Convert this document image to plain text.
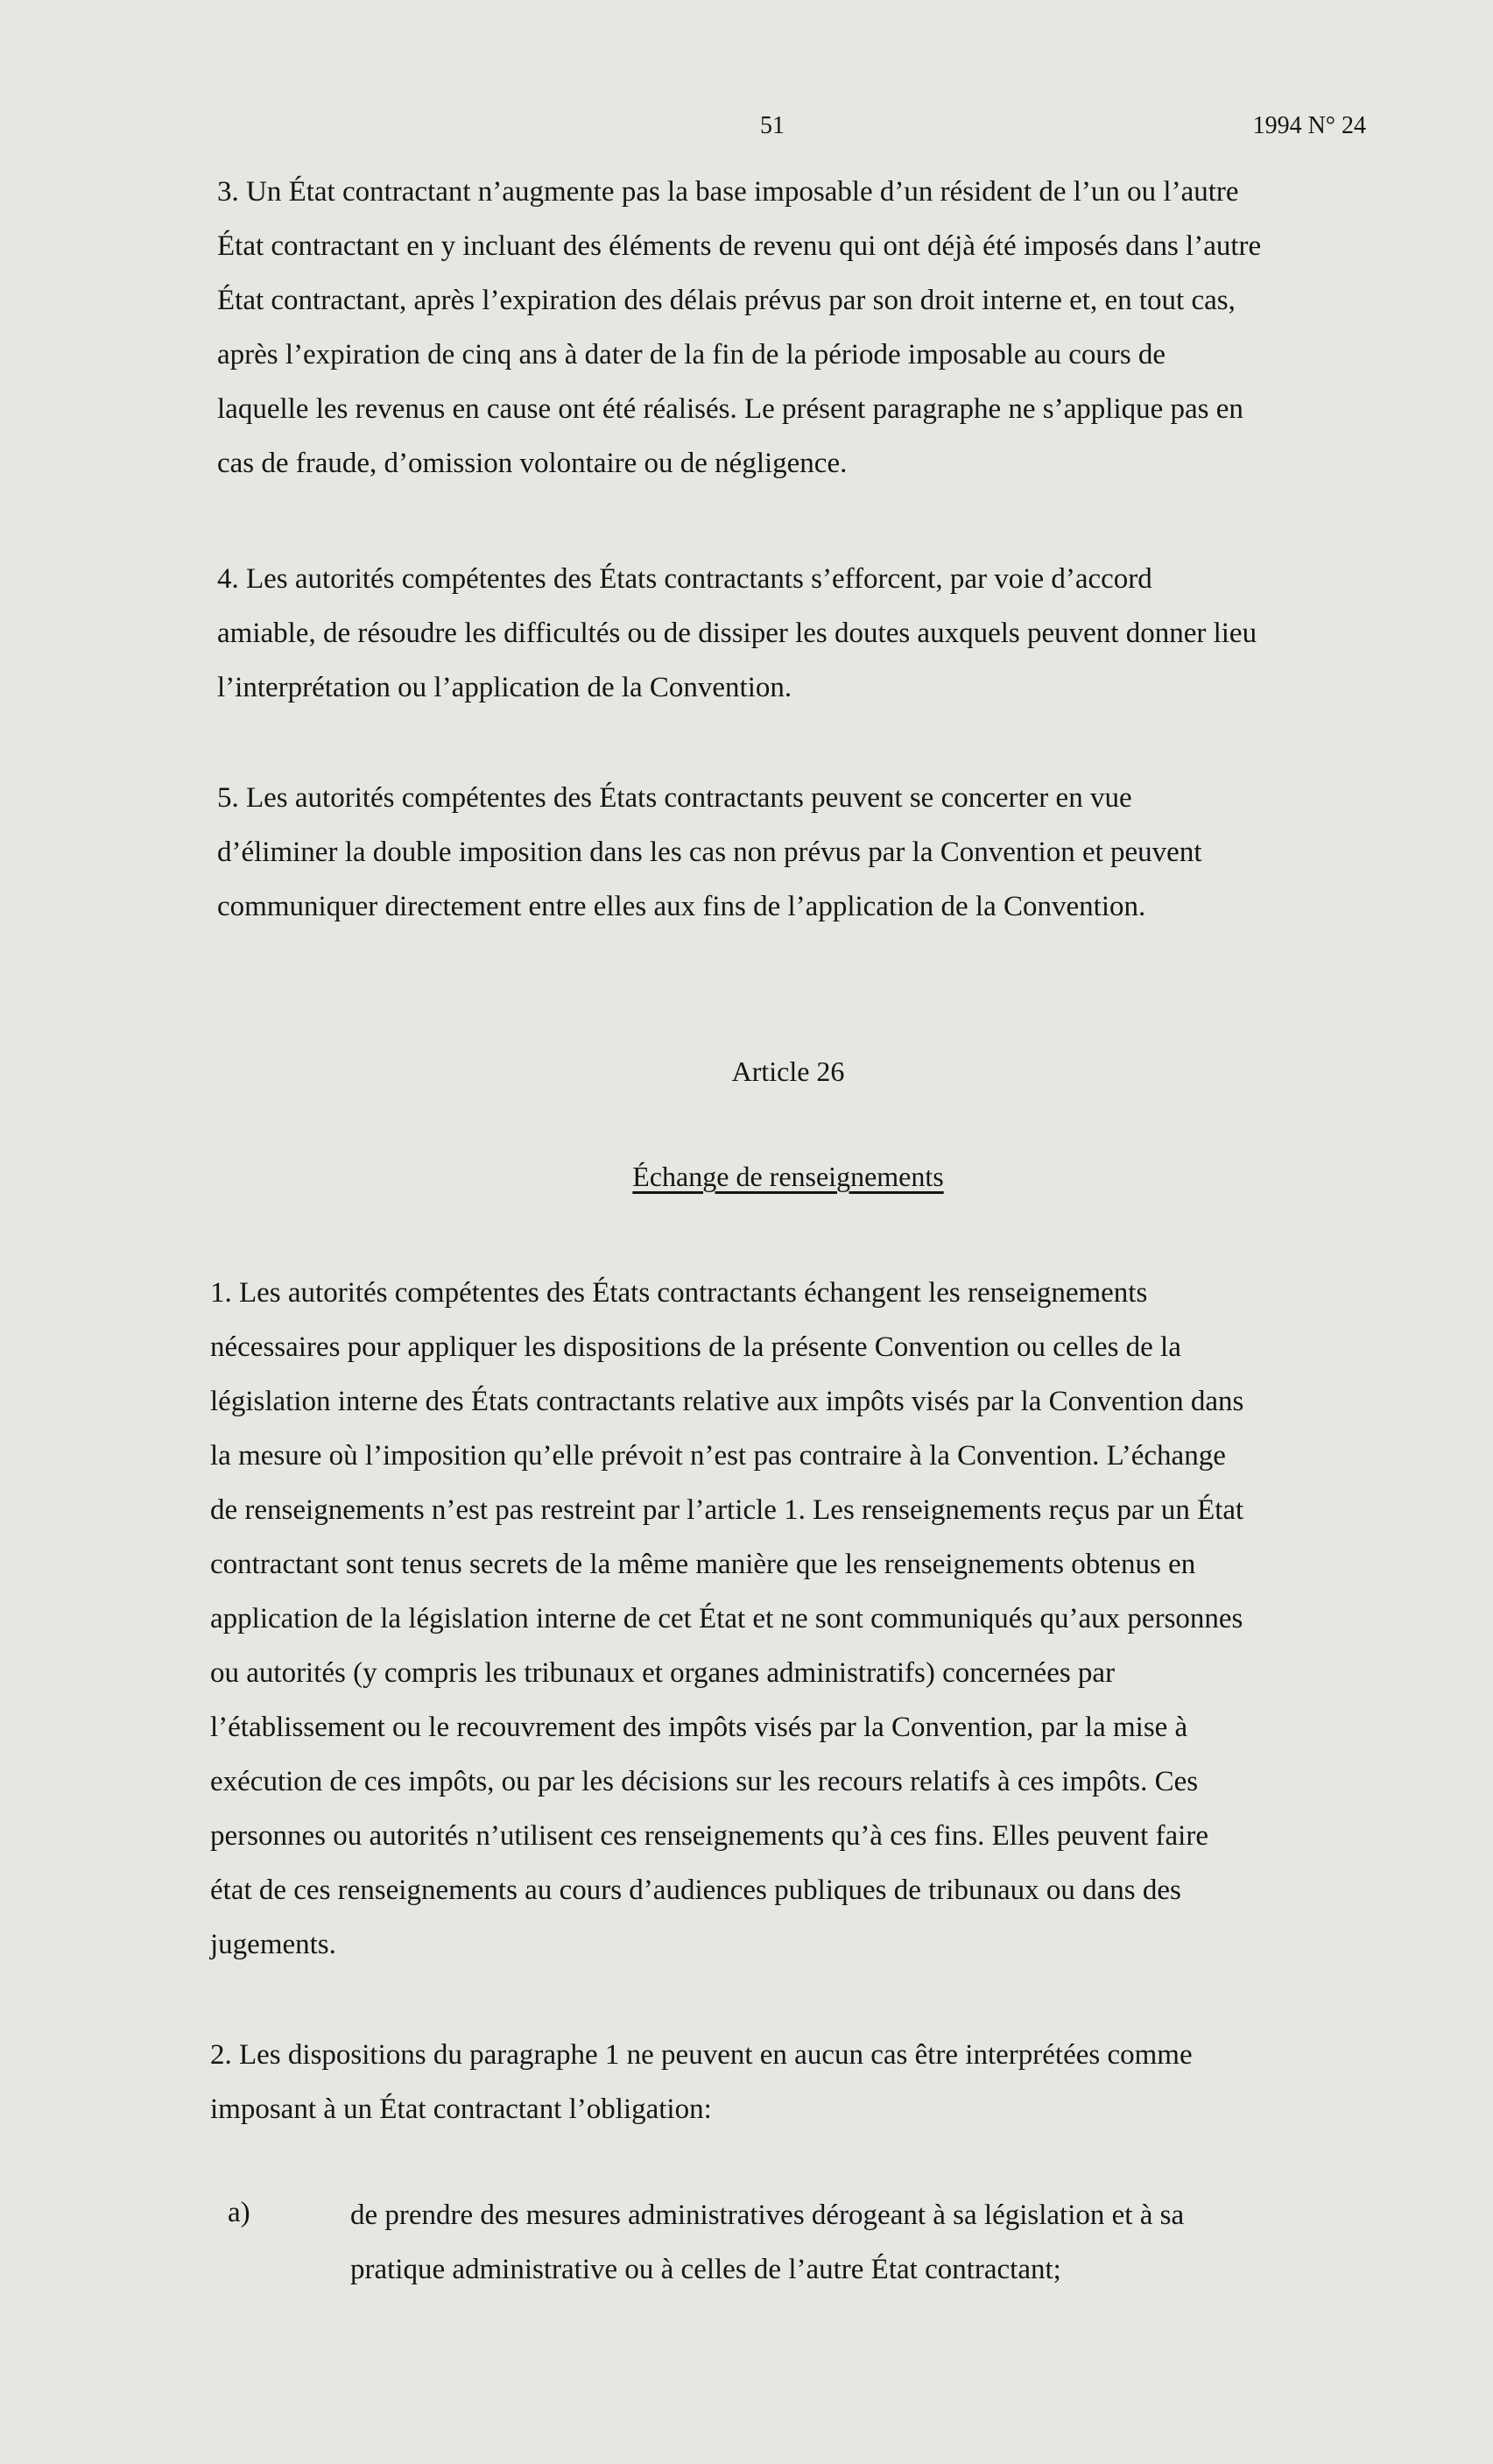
51	1994 N° 24
3. Un État contractant n’augmente pas la base imposable d’un résident de l’un ou l’autre
État contractant en y incluant des éléments de revenu qui ont déjà été imposés dans l’autre
État contractant, après l’expiration des délais prévus par son droit interne et, en tout cas,
après l’expiration de cinq ans à dater de la fin de la période imposable au cours de
laquelle les revenus en cause ont été réalisés. Le présent paragraphe ne s’applique pas en
cas de fraude, d’omission volontaire ou de négligence.
4. Les autorités compétentes des États contractants s’efforcent, par voie d’accord
amiable, de résoudre les difficultés ou de dissiper les doutes auxquels peuvent donner lieu
l’interprétation ou l’application de la Convention.
5. Les autorités compétentes des États contractants peuvent se concerter en vue
d’éliminer la double imposition dans les cas non prévus par la Convention et peuvent
communiquer directement entre elles aux fins de l’application de la Convention.
Article 26
Échange de renseignements
1. Les autorités compétentes des États contractants échangent les renseignements
nécessaires pour appliquer les dispositions de la présente Convention ou celles de la
législation interne des États contractants relative aux impôts visés par la Convention dans
la mesure où l’imposition qu’elle prévoit n’est pas contraire à la Convention. L’échange
de renseignements n’est pas restreint par l’article 1. Les renseignements reçus par un État
contractant sont tenus secrets de la même manière que les renseignements obtenus en
application de la législation interne de cet État et ne sont communiqués qu’aux personnes
ou autorités (y compris les tribunaux et organes administratifs) concernées par
l’établissement ou le recouvrement des impôts visés par la Convention, par la mise à
exécution de ces impôts, ou par les décisions sur les recours relatifs à ces impôts. Ces
personnes ou autorités n’utilisent ces renseignements qu’à ces fins. Elles peuvent faire
état de ces renseignements au cours d’audiences publiques de tribunaux ou dans des
jugements.
2. Les dispositions du paragraphe 1 ne peuvent en aucun cas être interprétées comme
imposant à un État contractant l’obligation:
a)	de prendre des mesures administratives dérogeant à sa législation et à sa
pratique administrative ou à celles de l’autre État contractant;
